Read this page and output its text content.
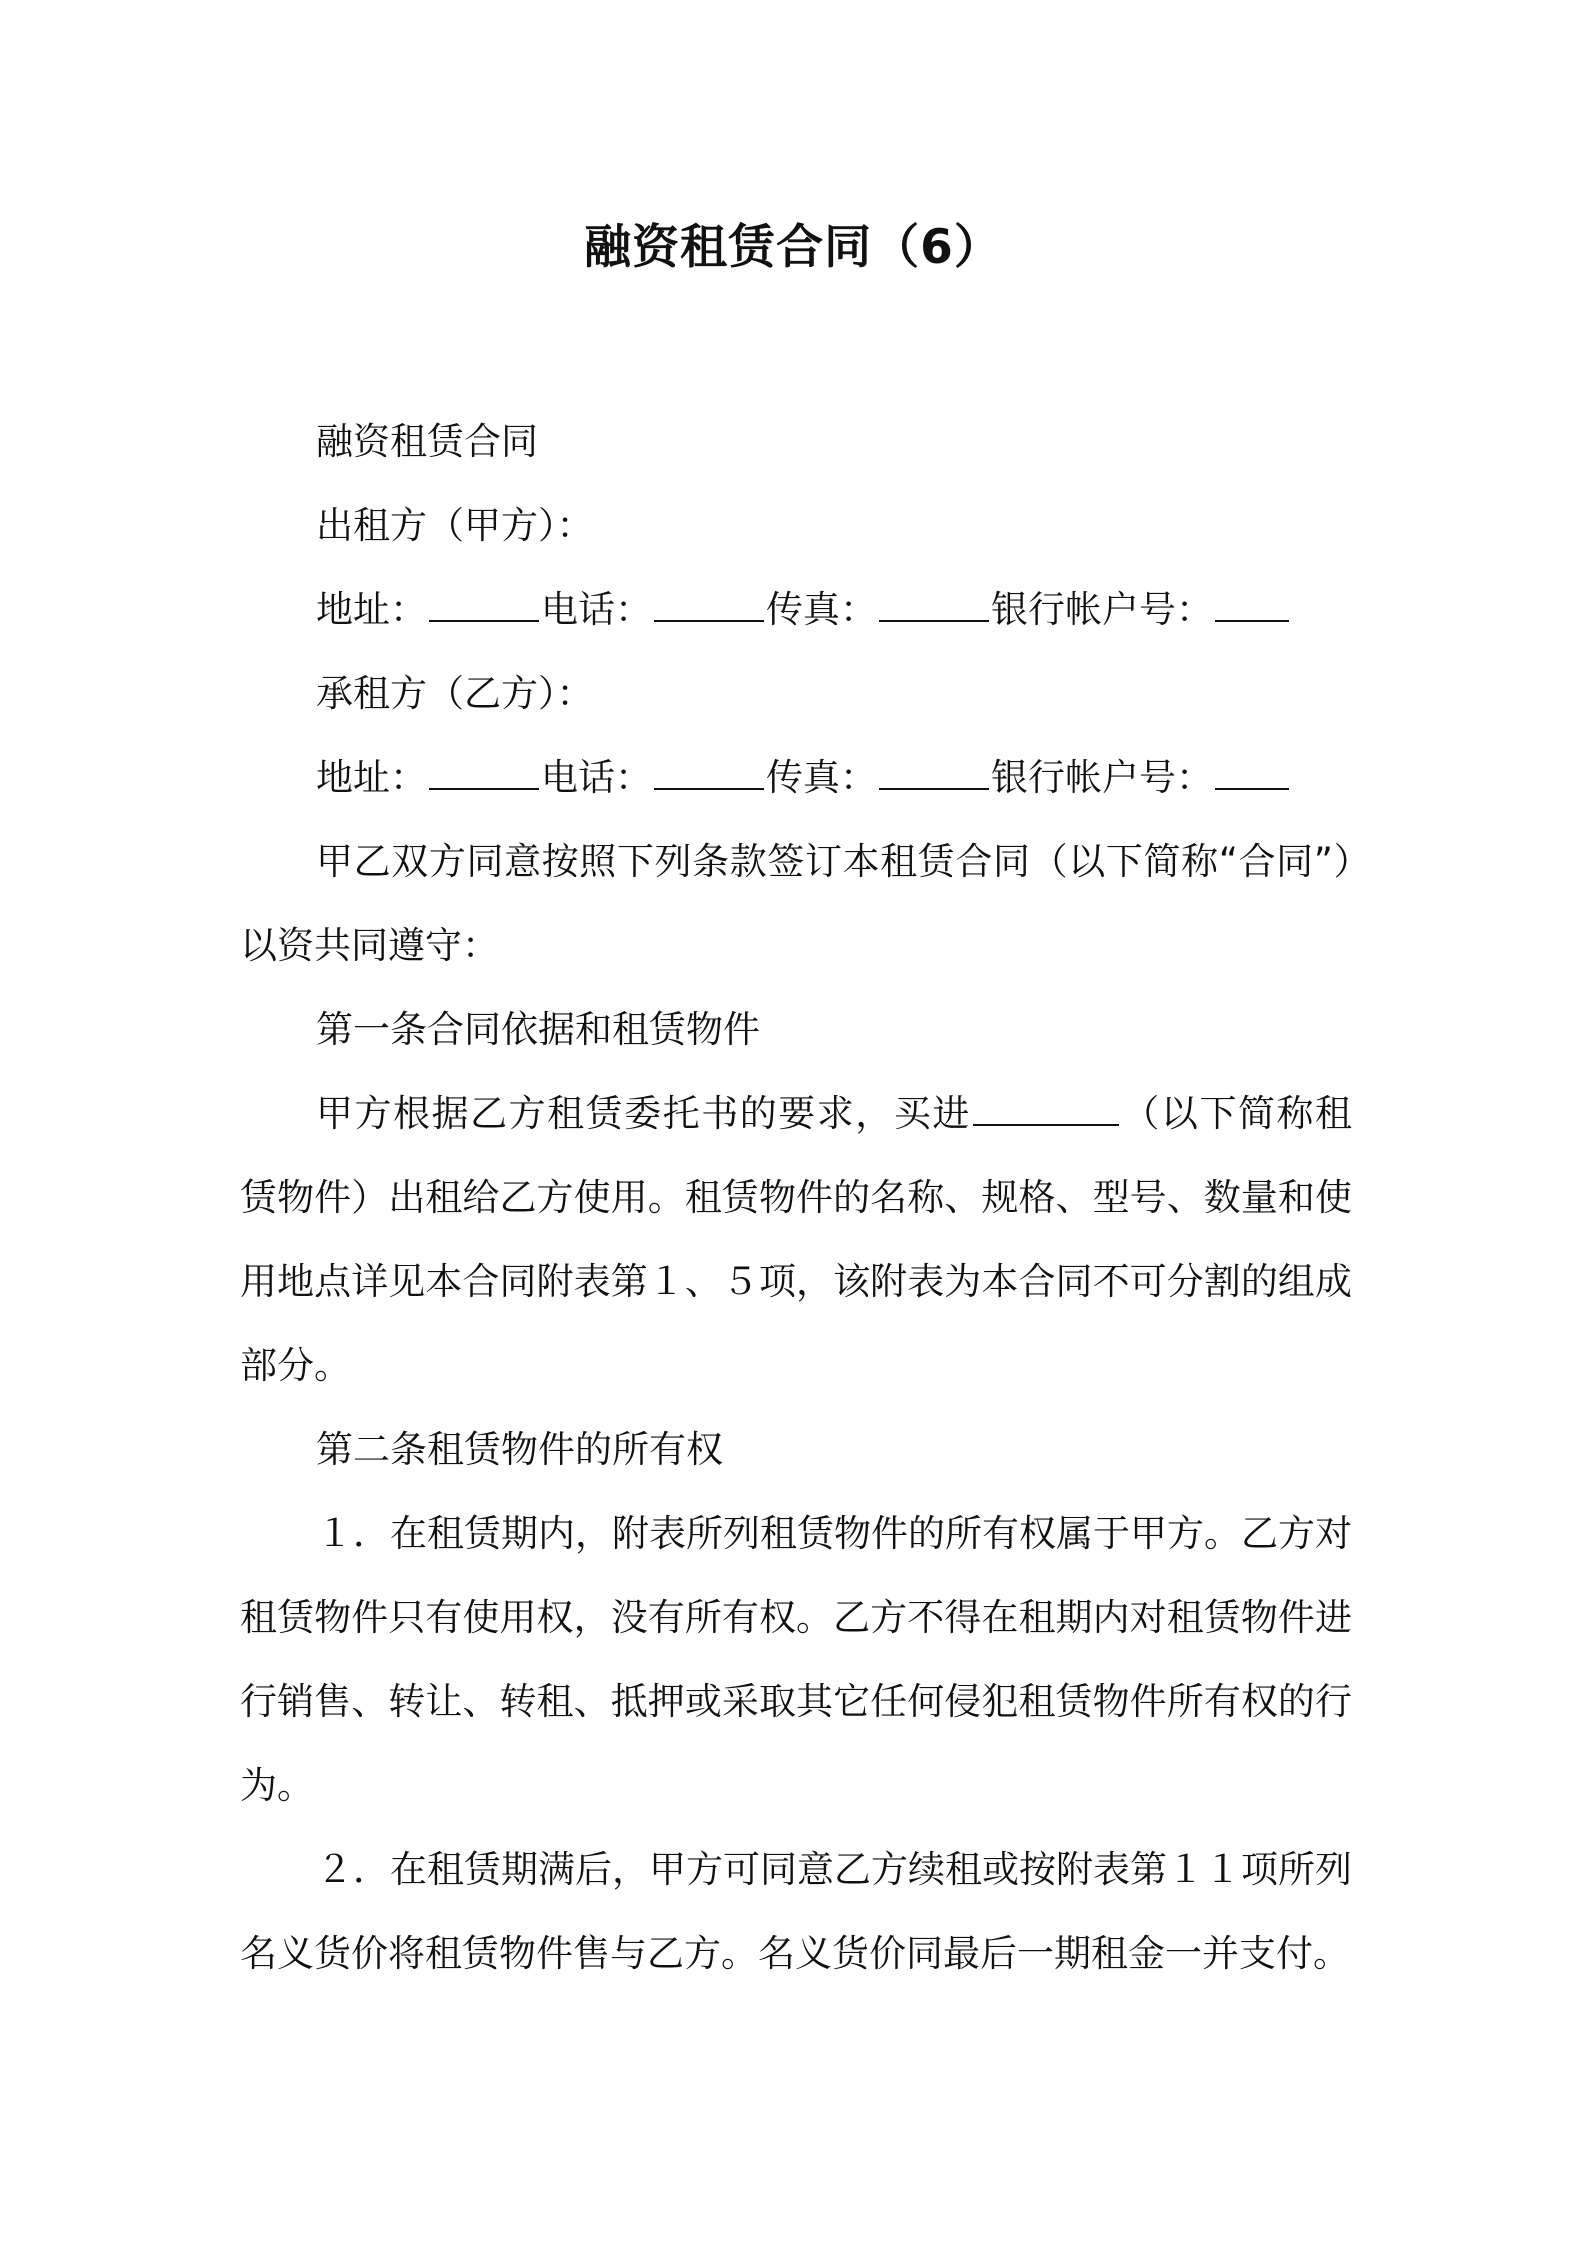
融资租赁合同（6）
融资租赁合同
出租方（甲方）：
地址：	电话：	传真：	银行帐户号：
承租方（乙方）：
地址：	电话：	传真：	银行帐户号：

甲乙双方同意按照下列条款签订本租赁合同（以下简称“合同”）以资共同遵守：

第一条合同依据和租赁物件

甲方根据乙方租赁委托书的要求，买进	（以下简称租赁物件）出租给乙方使用。租赁物件的名称、规格、型号、数量和使用地点详见本合同附表第１、５项，该附表为本合同不可分割的组成部分。

第二条租赁物件的所有权

１．在租赁期内，附表所列租赁物件的所有权属于甲方。乙方对租赁物件只有使用权，没有所有权。乙方不得在租期内对租赁物件进行销售、转让、转租、抵押或采取其它任何侵犯租赁物件所有权的行为。

２．在租赁期满后，甲方可同意乙方续租或按附表第１１项所列名义货价将租赁物件售与乙方。名义货价同最后一期租金一并支付。
